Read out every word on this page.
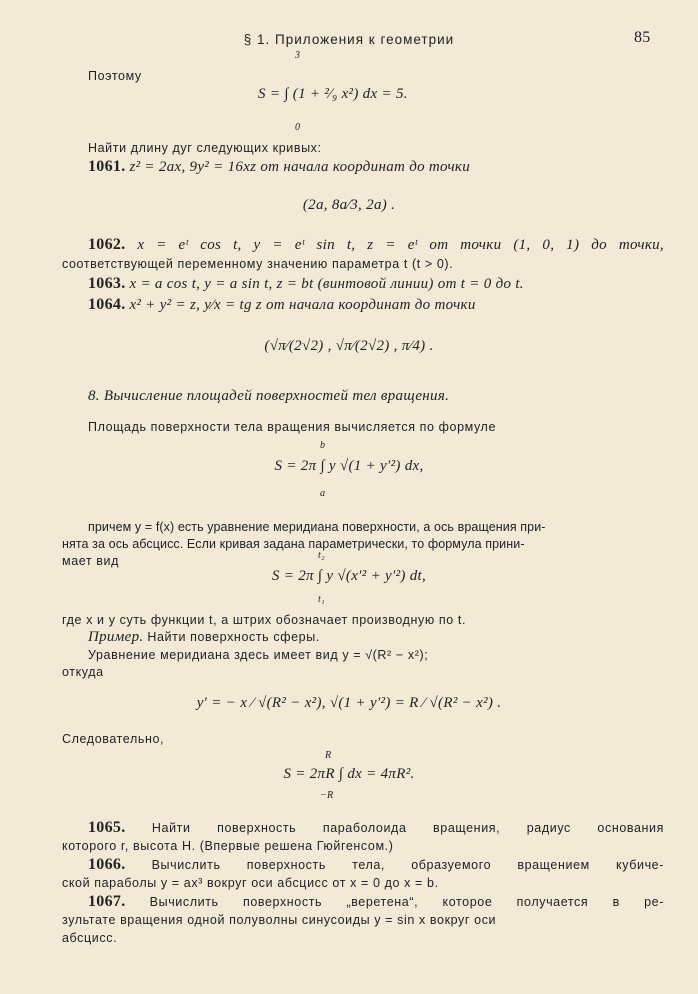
§ 1. Приложения к геометрии	85
Поэтому
3
S = ∫ (1 + ²⁄₉ x²) dx = 5.
0
Найти длину дуг следующих кривых:
1061. z² = 2ax, 9y² = 16xz от начала координат до точки
(2a, 8a⁄3, 2a) .
1062. x = eᵗ cos t, y = eᵗ sin t, z = eᵗ от точки (1, 0, 1) до точки,
соответствующей переменному значению параметра t (t > 0).
1063. x = a cos t, y = a sin t, z = bt (винтовой линии) от t = 0 до t.
1064. x² + y² = z, y⁄x = tg z от начала координат до точки
(√π⁄(2√2) , √π⁄(2√2) , π⁄4) .
8. Вычисление площадей поверхностей тел вращения.
Площадь поверхности тела вращения вычисляется по формуле
b
S = 2π ∫ y √(1 + y′²) dx,
a
причем y = f(x) есть уравнение меридиана поверхности, а ось вращения при-
нята за ось абсцисс. Если кривая задана параметрически, то формула прини-
мает вид	t₂
S = 2π ∫ y √(x′² + y′²) dt,
t₁
где x и y суть функции t, а штрих обозначает производную по t.
Пример. Найти поверхность сферы.
Уравнение меридиана здесь имеет вид y = √(R² − x²);
откуда
y′ = − x ⁄ √(R² − x²), √(1 + y′²) = R ⁄ √(R² − x²) .
Следовательно,
R
S = 2πR ∫ dx = 4πR².
−R
1065. Найти поверхность параболоида вращения, радиус основания
которого r, высота H. (Впервые решена Гюйгенсом.)
1066. Вычислить поверхность тела, образуемого вращением кубиче-
ской параболы y = ax³ вокруг оси абсцисс от x = 0 до x = b.
1067. Вычислить поверхность „веретена“, которое получается в ре-
зультате вращения одной полуволны синусоиды y = sin x вокруг оси
абсцисс.
